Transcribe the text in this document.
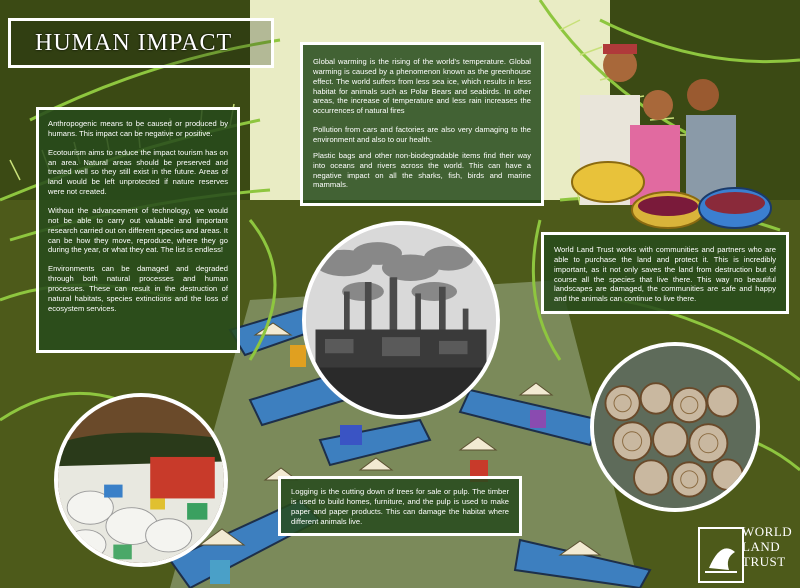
HUMAN IMPACT

Global warming is the rising of the world's temperature. Global warming is caused by a phenomenon known as the greenhouse effect. The world suffers from less sea ice, which results in less habitat for animals such as Polar Bears and seabirds. In other areas, the increase of temperature and less rain increases the occurrences of natural fires

Pollution from cars and factories are also very damaging to the environment and also to our health.

Plastic bags and other non-biodegradable items find their way into oceans and rivers across the world. This can have a negative impact on all the sharks, fish, birds and marine mammals.

Anthropogenic means to be caused or produced by humans. This impact can be negative or positive.

Ecotourism aims to reduce the impact tourism has on an area. Natural areas should be preserved and treated well so they still exist in the future. Areas of land would be left unprotected if nature reserves were not created.

Without the advancement of technology, we would not be able to carry out valuable and important research carried out on different species and areas. It can be how they move, reproduce, where they go during the year, or what they eat. The list is endless!

Environments can be damaged and degraded through both natural processes and human processes. These can result in the destruction of natural habitats, species extinctions and the loss of ecosystem services.

World Land Trust works with communities and partners who are able to purchase the land and protect it. This is incredibly important, as it not only saves the land from destruction but of course all the species that live there. This way no beautiful landscapes are damaged, the communities are safe and happy and the animals can continue to live there.

Logging is the cutting down of trees for sale or pulp. The timber is used to build homes, furniture, and the pulp is used to make paper and paper products. This can damage the habitat where different animals live.

WORLD
LAND
TRUST
